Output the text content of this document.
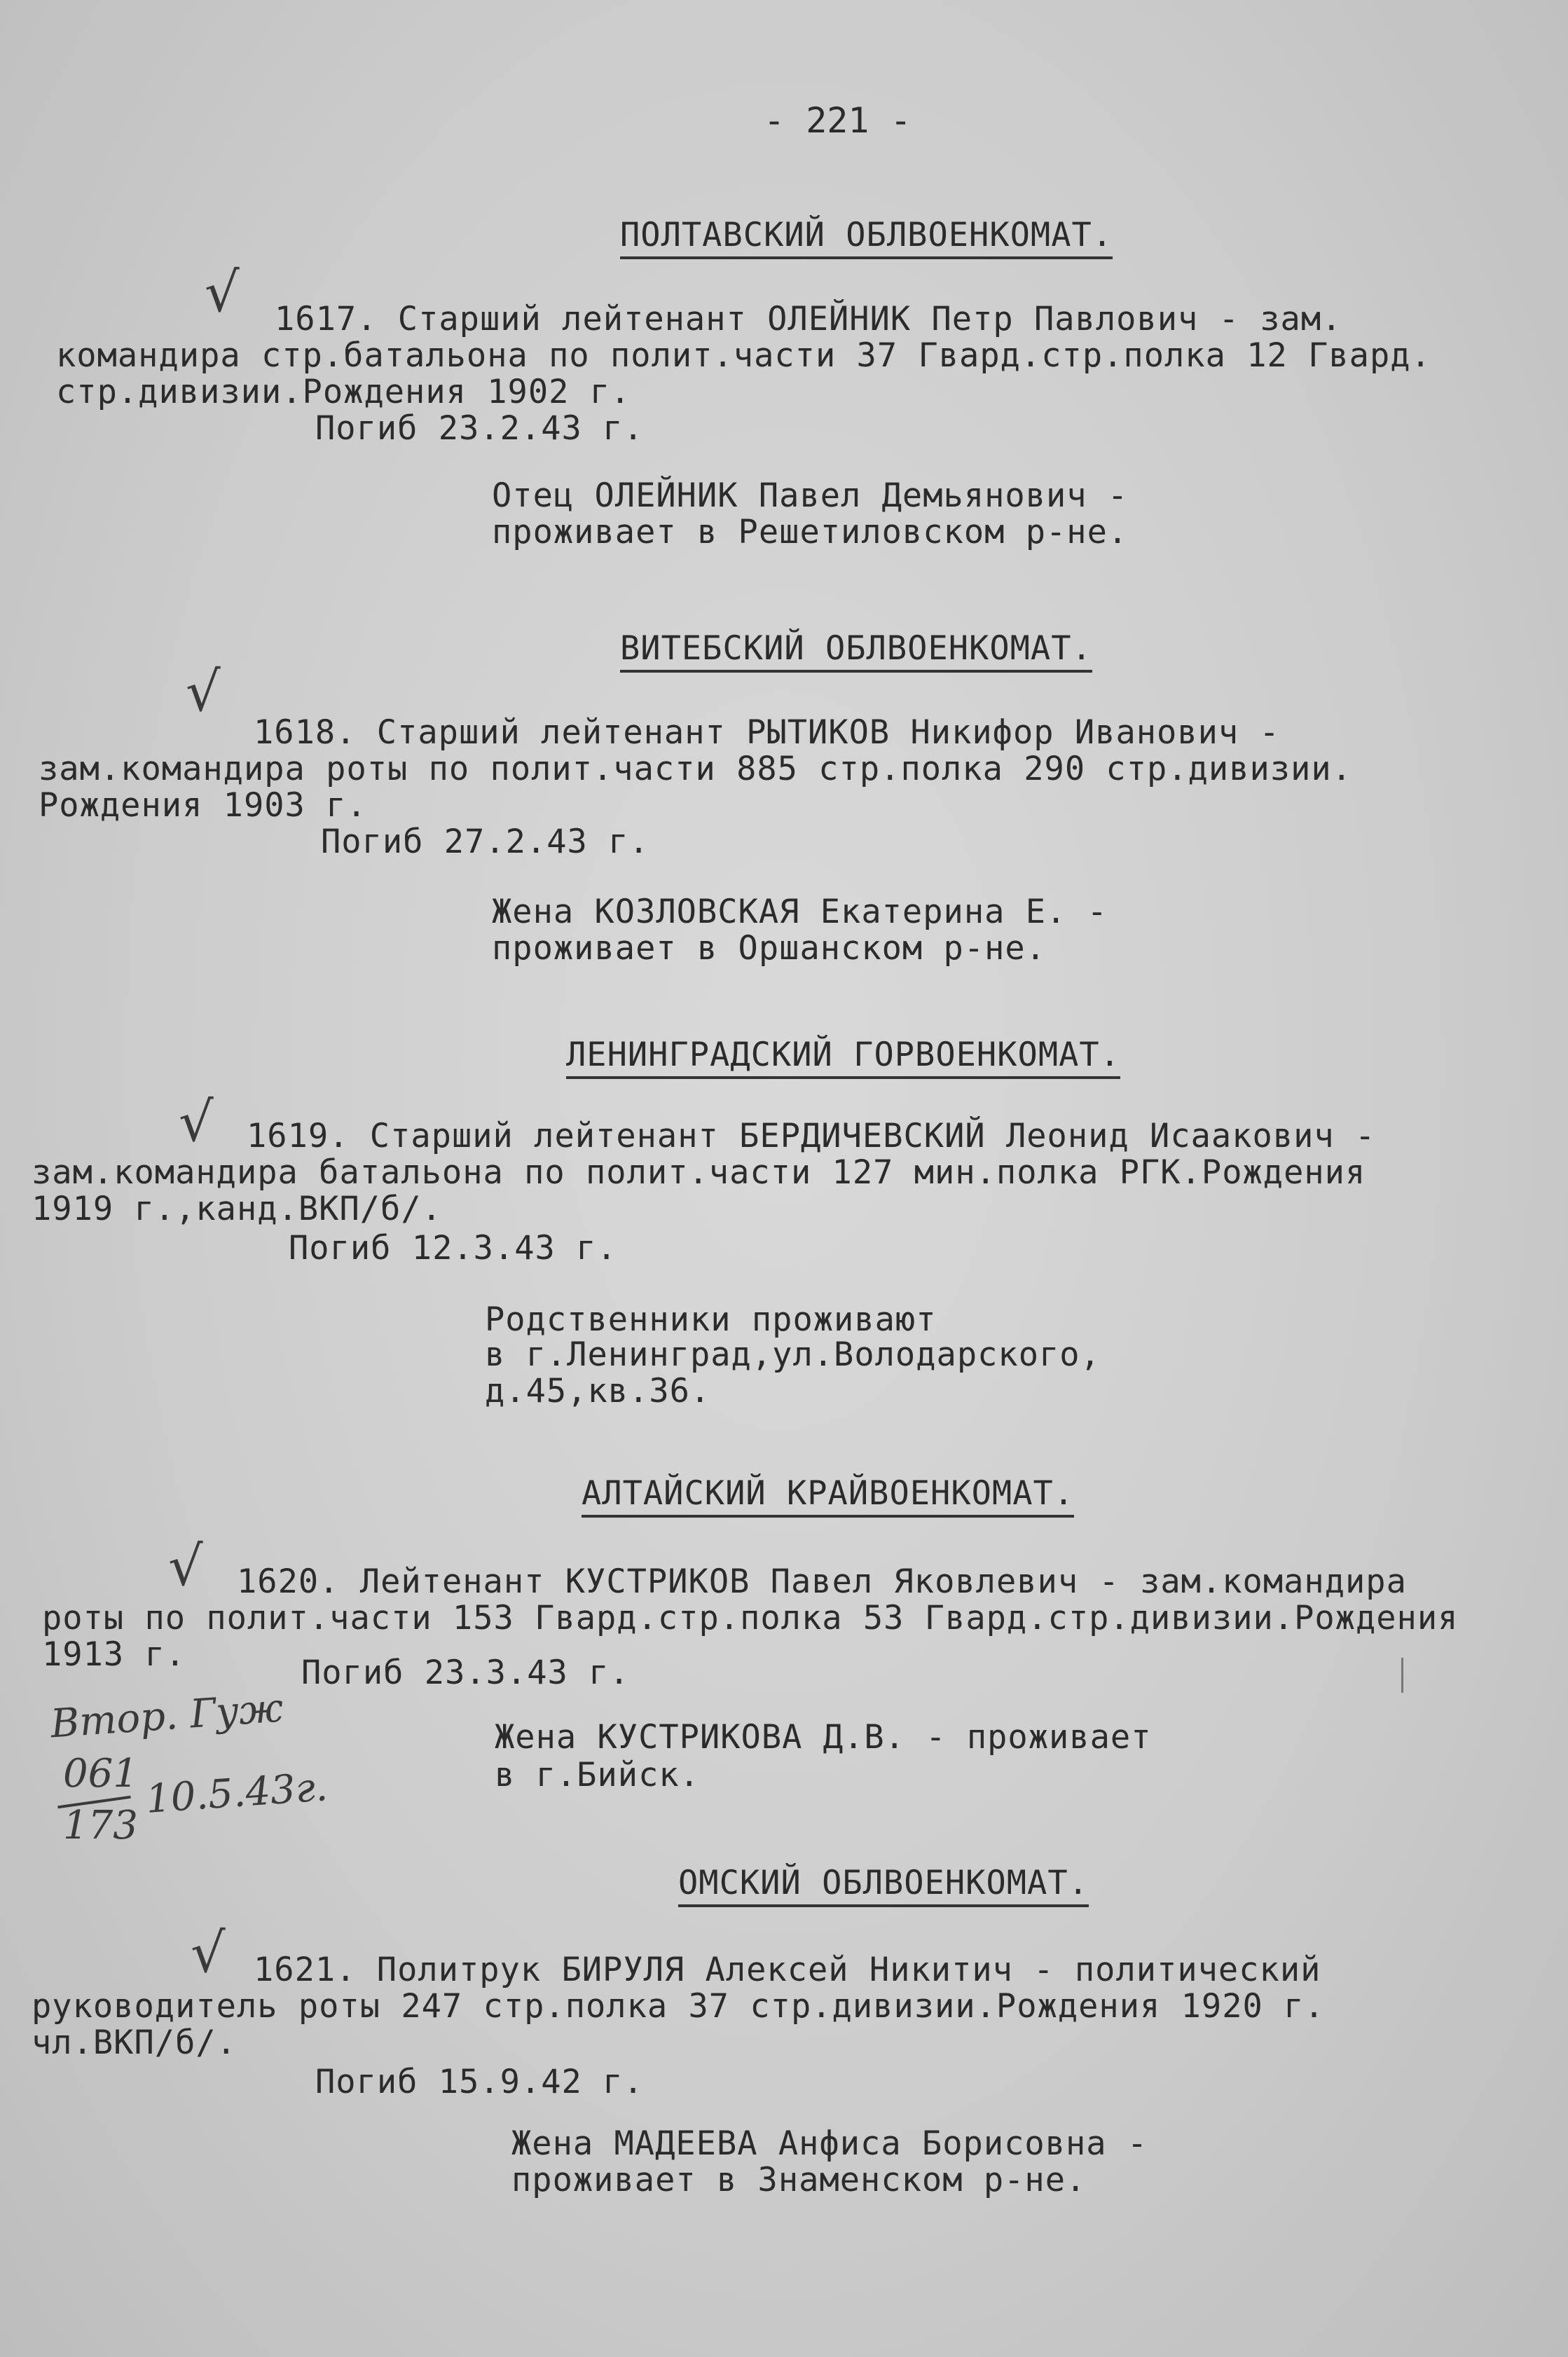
- 221 -
ПОЛТАВСКИЙ ОБЛВОЕНКОМАТ.
√ 1617. Старший лейтенант ОЛЕЙНИК Петр Павлович - зам.
командира стр.батальона по полит.части 37 Гвард.стр.полка 12 Гвард.
стр.дивизии.Рождения 1902 г.
Погиб 23.2.43 г.
Отец ОЛЕЙНИК Павел Демьянович -
проживает в Решетиловском р-не.
ВИТЕБСКИЙ ОБЛВОЕНКОМАТ.
√
1618. Старший лейтенант РЫТИКОВ Никифор Иванович -
зам.командира роты по полит.части 885 стр.полка 290 стр.дивизии.
Рождения 1903 г.
Погиб 27.2.43 г.
Жена КОЗЛОВСКАЯ Екатерина Е. -
проживает в Оршанском р-не.
ЛЕНИНГРАДСКИЙ ГОРВОЕНКОМАТ.
√ 1619. Старший лейтенант БЕРДИЧЕВСКИЙ Леонид Исаакович -
зам.командира батальона по полит.части 127 мин.полка РГК.Рождения
1919 г.,канд.ВКП/б/.
Погиб 12.3.43 г.
Родственники проживают
в г.Ленинград,ул.Володарского,
д.45,кв.36.
АЛТАЙСКИЙ КРАЙВОЕНКОМАТ.
√ 1620. Лейтенант КУСТРИКОВ Павел Яковлевич - зам.командира
роты по полит.части 153 Гвард.стр.полка 53 Гвард.стр.дивизии.Рождения
1913 г.	Погиб 23.3.43 г.
Жена КУСТРИКОВА Д.В. - проживает
в г.Бийск.
Втор. Гуж
061
173
10.5.43г.
ОМСКИЙ ОБЛВОЕНКОМАТ.
√ 1621. Политрук БИРУЛЯ Алексей Никитич - политический
руководитель роты 247 стр.полка 37 стр.дивизии.Рождения 1920 г.
чл.ВКП/б/.
Погиб 15.9.42 г.
Жена МАДЕЕВА Анфиса Борисовна -
проживает в Знаменском р-не.
